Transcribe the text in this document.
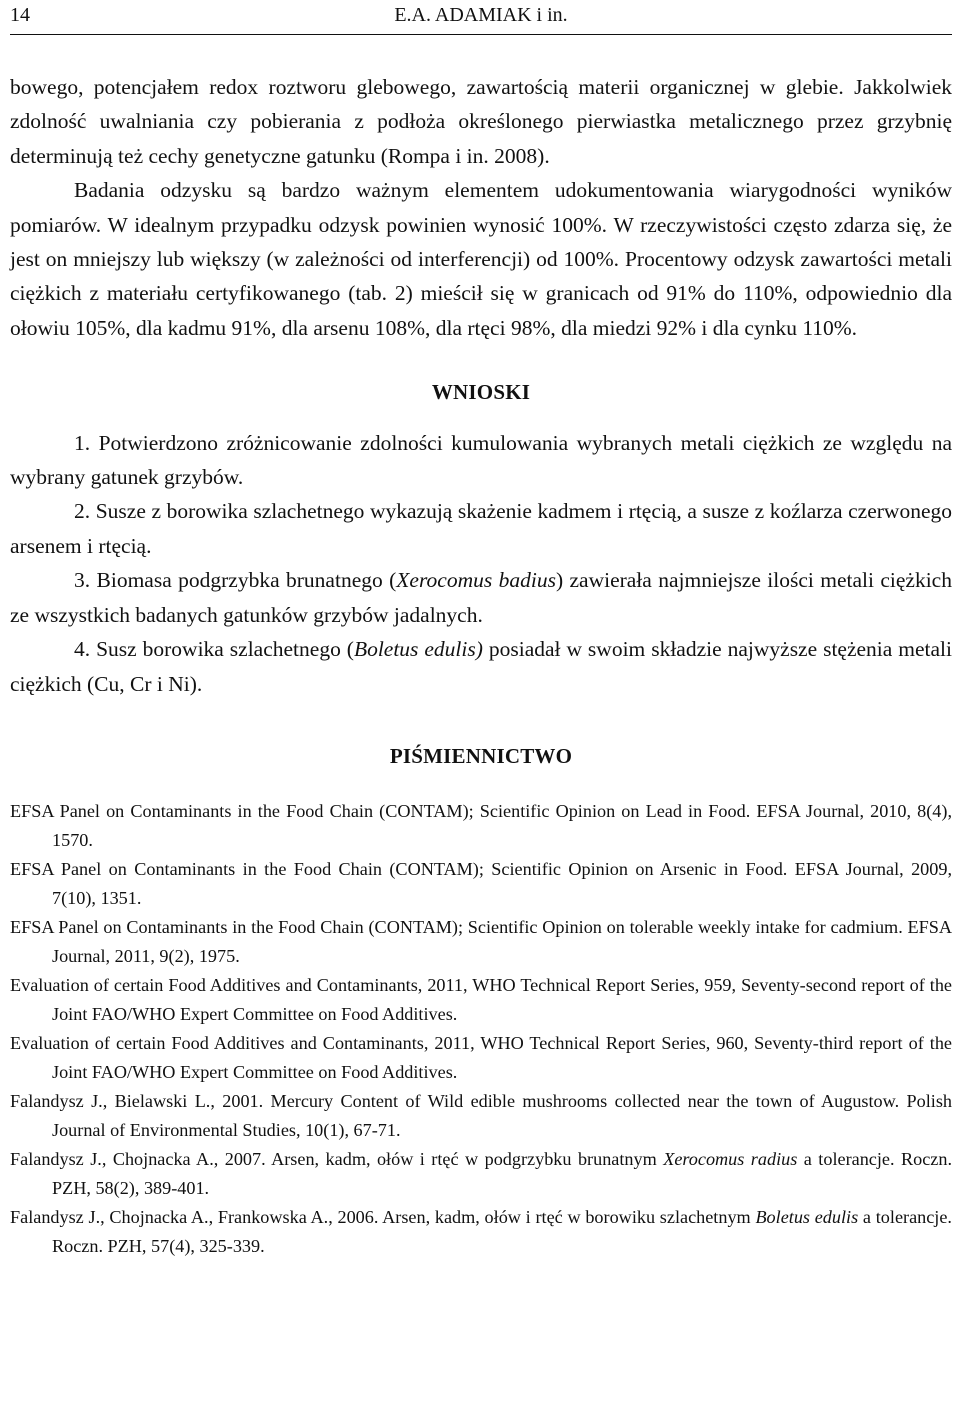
14	E.A. ADAMIAK i in.

bowego, potencjałem redox roztworu glebowego, zawartością materii organicznej w glebie. Jakkolwiek zdolność uwalniania czy pobierania z podłoża określonego pierwiastka metalicznego przez grzybnię determinują też cechy genetyczne gatunku (Rompa i in. 2008).

Badania odzysku są bardzo ważnym elementem udokumentowania wiarygodności wyników pomiarów. W idealnym przypadku odzysk powinien wynosić 100%. W rzeczywistości często zdarza się, że jest on mniejszy lub większy (w zależności od interferencji) od 100%. Procentowy odzysk zawartości metali ciężkich z materiału certyfikowanego (tab. 2) mieścił się w granicach od 91% do 110%, odpowiednio dla ołowiu 105%, dla kadmu 91%, dla arsenu 108%, dla rtęci 98%, dla miedzi 92% i dla cynku 110%.

WNIOSKI

1. Potwierdzono zróżnicowanie zdolności kumulowania wybranych metali ciężkich ze względu na wybrany gatunek grzybów.

2. Susze z borowika szlachetnego wykazują skażenie kadmem i rtęcią, a susze z koźlarza czerwonego arsenem i rtęcią.

3. Biomasa podgrzybka brunatnego (Xerocomus badius) zawierała najmniejsze ilości metali ciężkich ze wszystkich badanych gatunków grzybów jadalnych.

4. Susz borowika szlachetnego (Boletus edulis) posiadał w swoim składzie najwyższe stężenia metali ciężkich (Cu, Cr i Ni).

PIŚMIENNICTWO

EFSA Panel on Contaminants in the Food Chain (CONTAM); Scientific Opinion on Lead in Food. EFSA Journal, 2010, 8(4), 1570.

EFSA Panel on Contaminants in the Food Chain (CONTAM); Scientific Opinion on Arsenic in Food. EFSA Journal, 2009, 7(10), 1351.

EFSA Panel on Contaminants in the Food Chain (CONTAM); Scientific Opinion on tolerable weekly intake for cadmium. EFSA Journal, 2011, 9(2), 1975.

Evaluation of certain Food Additives and Contaminants, 2011, WHO Technical Report Series, 959, Seventy-second report of the Joint FAO/WHO Expert Committee on Food Additives.

Evaluation of certain Food Additives and Contaminants, 2011, WHO Technical Report Series, 960, Seventy-third report of the Joint FAO/WHO Expert Committee on Food Additives.

Falandysz J., Bielawski L., 2001. Mercury Content of Wild edible mushrooms collected near the town of Augustow. Polish Journal of Environmental Studies, 10(1), 67-71.

Falandysz J., Chojnacka A., 2007. Arsen, kadm, ołów i rtęć w podgrzybku brunatnym Xerocomus radius a tolerancje. Roczn. PZH, 58(2), 389-401.

Falandysz J., Chojnacka A., Frankowska A., 2006. Arsen, kadm, ołów i rtęć w borowiku szlachetnym Boletus edulis a tolerancje. Roczn. PZH, 57(4), 325-339.
